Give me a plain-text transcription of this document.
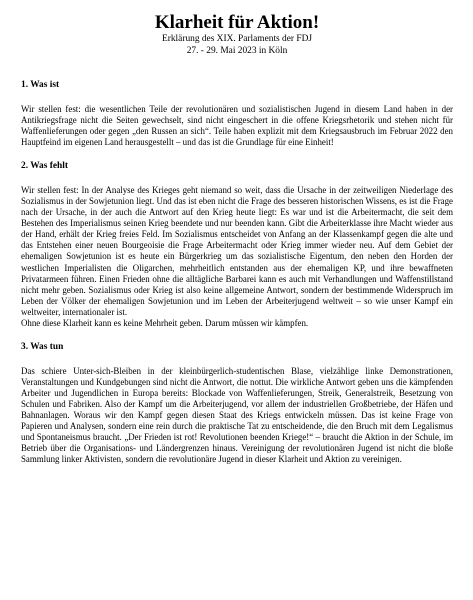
Klarheit für Aktion!
Erklärung des XIX. Parlaments der FDJ
27. - 29. Mai 2023 in Köln
1. Was ist

Wir stellen fest: die wesentlichen Teile der revolutionären und sozialistischen Jugend in diesem Land haben in der Antikriegsfrage nicht die Seiten gewechselt, sind nicht eingeschert in die offene Kriegsrhetorik und stehen nicht für Waffenlieferungen oder gegen „den Russen an sich“. Teile haben explizit mit dem Kriegsausbruch im Februar 2022 den Hauptfeind im eigenen Land herausgestellt – und das ist die Grundlage für eine Einheit!

2. Was fehlt

Wir stellen fest: In der Analyse des Krieges geht niemand so weit, dass die Ursache in der zeitweiligen Niederlage des Sozialismus in der Sowjetunion liegt. Und das ist eben nicht die Frage des besseren historischen Wissens, es ist die Frage nach der Ursache, in der auch die Antwort auf den Krieg heute liegt: Es war und ist die Arbeitermacht, die seit dem Bestehen des Imperialismus seinen Krieg beendete und nur beenden kann. Gibt die Arbeiterklasse ihre Macht wieder aus der Hand, erhält der Krieg freies Feld. Im Sozialismus entscheidet von Anfang an der Klassenkampf gegen die alte und das Entstehen einer neuen Bourgeoisie die Frage Arbeitermacht oder Krieg immer wieder neu. Auf dem Gebiet der ehemaligen Sowjetunion ist es heute ein Bürgerkrieg um das sozialistische Eigentum, den neben den Horden der westlichen Imperialisten die Oligarchen, mehrheitlich entstanden aus der ehemaligen KP, und ihre bewaffneten Privatarmeen führen. Einen Frieden ohne die alltägliche Barbarei kann es auch mit Verhandlungen und Waffenstillstand nicht mehr geben. Sozialismus oder Krieg ist also keine allgemeine Antwort, sondern der bestimmende Widerspruch im Leben der Völker der ehemaligen Sowjetunion und im Leben der Arbeiterjugend weltweit – so wie unser Kampf ein weltweiter, internationaler ist.

Ohne diese Klarheit kann es keine Mehrheit geben. Darum müssen wir kämpfen.

3. Was tun

Das schiere Unter-sich-Bleiben in der kleinbürgerlich-studentischen Blase, vielzählige linke Demonstrationen, Veranstaltungen und Kundgebungen sind nicht die Antwort, die nottut. Die wirkliche Antwort geben uns die kämpfenden Arbeiter und Jugendlichen in Europa bereits: Blockade von Waffenlieferungen, Streik, Generalstreik, Besetzung von Schulen und Fabriken. Also der Kampf um die Arbeiterjugend, vor allem der industriellen Großbetriebe, der Häfen und Bahnanlagen. Woraus wir den Kampf gegen diesen Staat des Kriegs entwickeln müssen. Das ist keine Frage von Papieren und Analysen, sondern eine rein durch die praktische Tat zu entscheidende, die den Bruch mit dem Legalismus und Spontaneismus braucht. „Der Frieden ist rot! Revolutionen beenden Kriege!“ – braucht die Aktion in der Schule, im Betrieb über die Organisations- und Ländergrenzen hinaus. Vereinigung der revolutionären Jugend ist nicht die bloße Sammlung linker Aktivisten, sondern die revolutionäre Jugend in dieser Klarheit und Aktion zu vereinigen.
